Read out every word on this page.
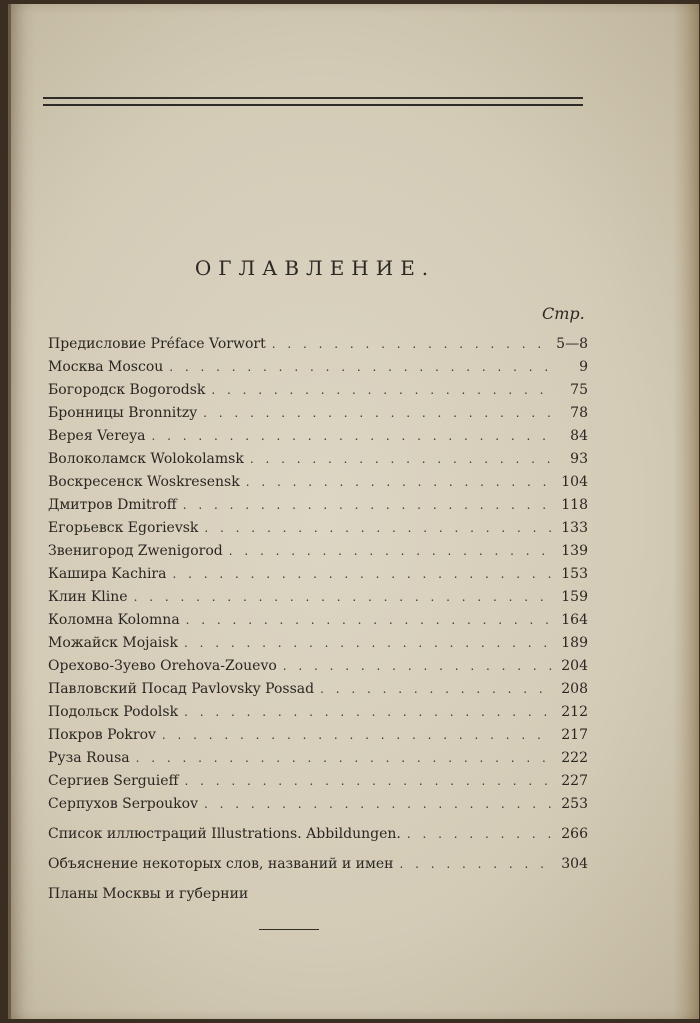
ОГЛАВЛЕНИЕ.
Стр.
Предисловие Préface Vorwort . . .	5—8
Москва Moscou . . .	9
Богородск Bogorodsk . . .	75
Бронницы Bronnitzy . . .	78
Верея Vereya . . .	84
Волоколамск Wolokolamsk . . .	93
Воскресенск Woskresensk . . .	104
Дмитров Dmitroff . . .	118
Егорьевск Egorievsk . . .	133
Звенигород Zwenigorod . . .	139
Кашира Kachira . . .	153
Клин Kline . . .	159
Коломна Kolomna . . .	164
Можайск Mojaisk . . .	189
Орехово-Зуево Orehova-Zouevo . . .	204
Павловский Посад Pavlovsky Possad . . .	208
Подольск Podolsk . . .	212
Покров Pokrov . . .	217
Руза Rousa . . .	222
Сергиев Serguieff . . .	227
Серпухов Serpoukov . . .	253
Список иллюстраций Illustrations. Abbildungen. . . .	266
Объяснение некоторых слов, названий и имен . . .	304
Планы Москвы и губернии
